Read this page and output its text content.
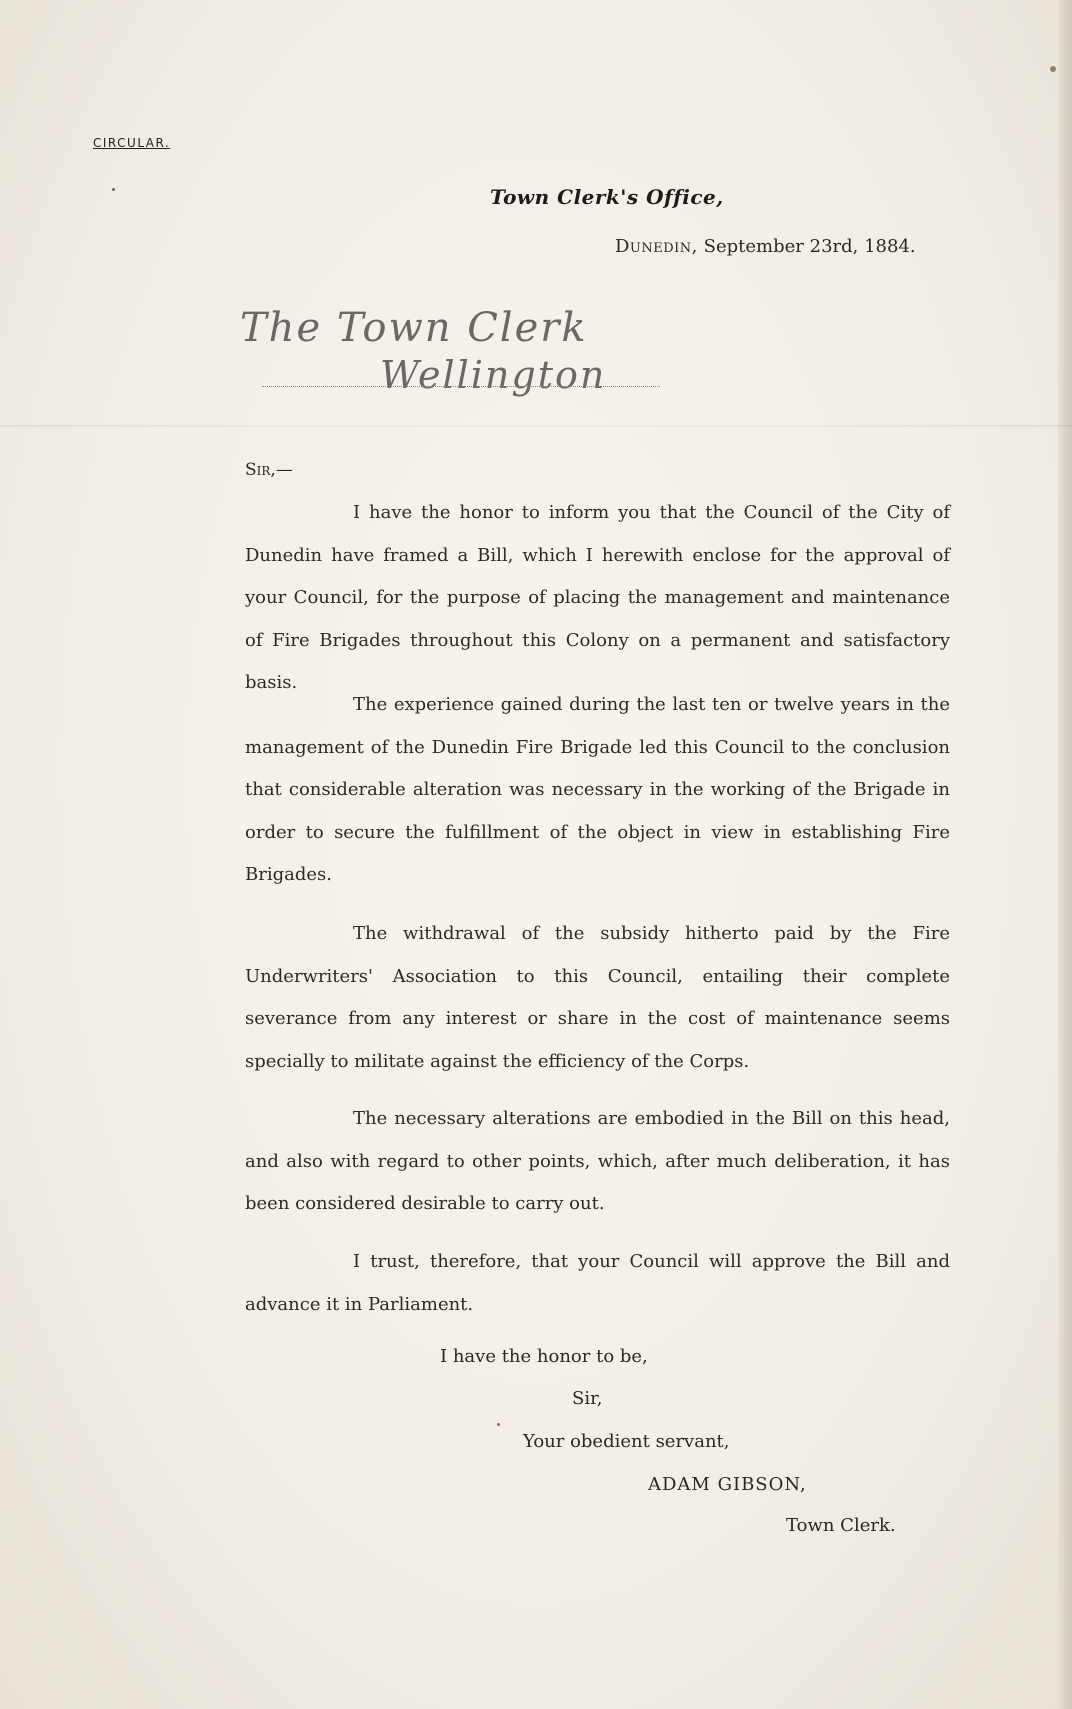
CIRCULAR.
Town Clerk's Office,
Dunedin, September 23rd, 1884.
The Town Clerk
Wellington
Sir,—

I have the honor to inform you that the Council of the City of Dunedin have framed a Bill, which I herewith enclose for the approval of your Council, for the purpose of placing the management and maintenance of Fire Brigades throughout this Colony on a permanent and satisfactory basis.

The experience gained during the last ten or twelve years in the management of the Dunedin Fire Brigade led this Council to the conclusion that considerable alteration was necessary in the working of the Brigade in order to secure the fulfillment of the object in view in establishing Fire Brigades.

The withdrawal of the subsidy hitherto paid by the Fire Underwriters' Association to this Council, entailing their complete severance from any interest or share in the cost of maintenance seems specially to militate against the efficiency of the Corps.

The necessary alterations are embodied in the Bill on this head, and also with regard to other points, which, after much deliberation, it has been considered desirable to carry out.

I trust, therefore, that your Council will approve the Bill and advance it in Parliament.

I have the honor to be,
Sir,
Your obedient servant,
ADAM GIBSON,
Town Clerk.
